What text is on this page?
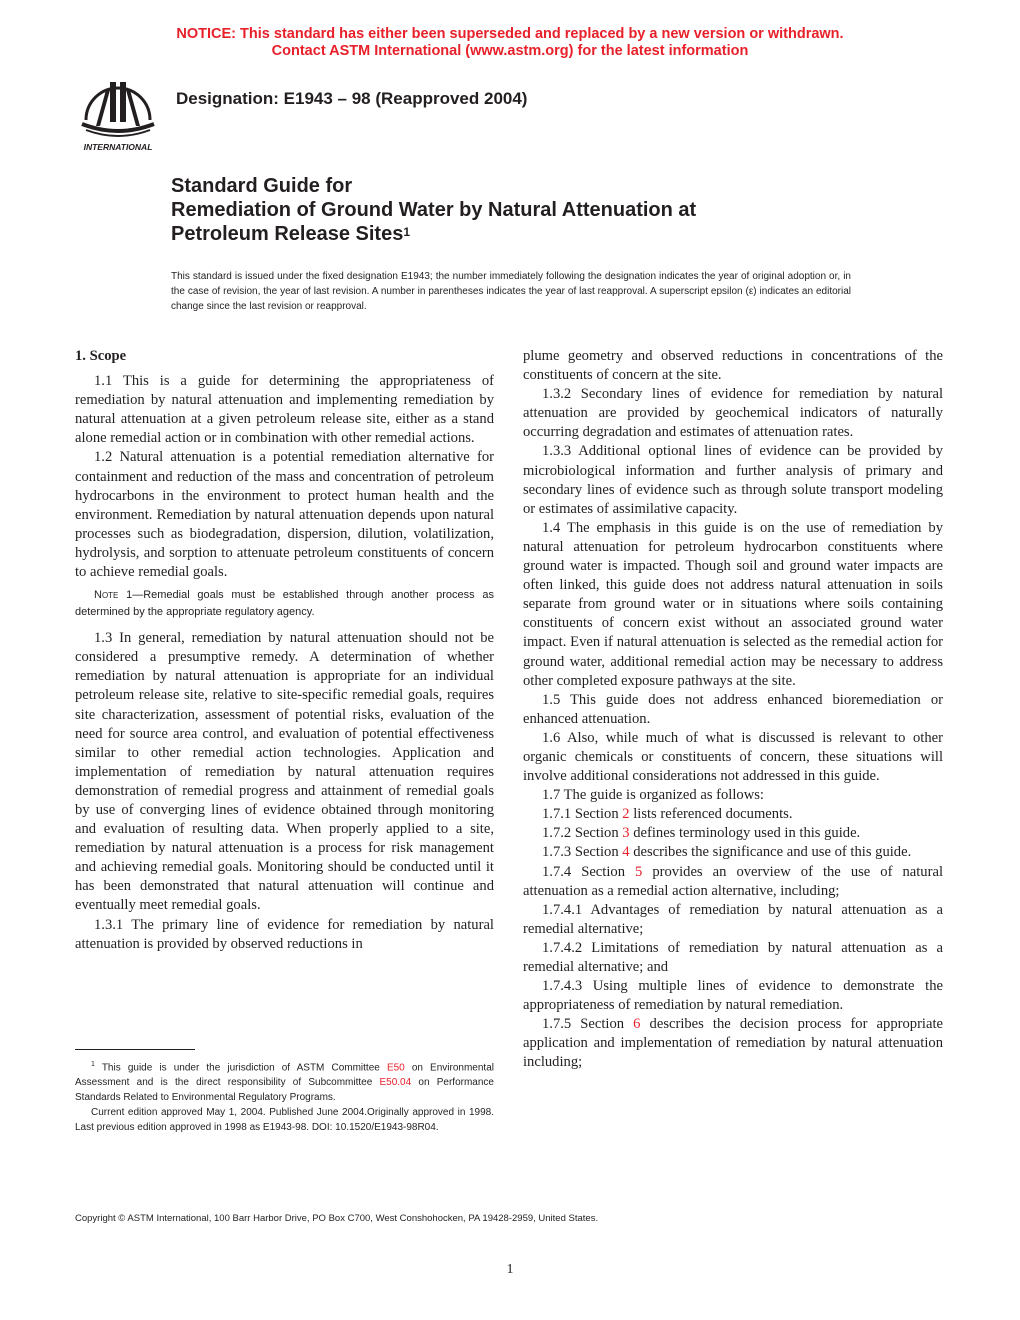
NOTICE: This standard has either been superseded and replaced by a new version or withdrawn.
Contact ASTM International (www.astm.org) for the latest information
INTERNATIONAL
Designation: E1943 – 98 (Reapproved 2004)
Standard Guide for
Remediation of Ground Water by Natural Attenuation at
Petroleum Release Sites$^1$
This standard is issued under the fixed designation E1943; the number immediately following the designation indicates the year of original adoption or, in the case of revision, the year of last revision. A number in parentheses indicates the year of last reapproval. A superscript epsilon (ε) indicates an editorial change since the last revision or reapproval.
1. Scope

1.1 This is a guide for determining the appropriateness of remediation by natural attenuation and implementing remediation by natural attenuation at a given petroleum release site, either as a stand alone remedial action or in combination with other remedial actions.

1.2 Natural attenuation is a potential remediation alternative for containment and reduction of the mass and concentration of petroleum hydrocarbons in the environment to protect human health and the environment. Remediation by natural attenuation depends upon natural processes such as biodegradation, dispersion, dilution, volatilization, hydrolysis, and sorption to attenuate petroleum constituents of concern to achieve remedial goals.

Note 1—Remedial goals must be established through another process as determined by the appropriate regulatory agency.

1.3 In general, remediation by natural attenuation should not be considered a presumptive remedy. A determination of whether remediation by natural attenuation is appropriate for an individual petroleum release site, relative to site-specific remedial goals, requires site characterization, assessment of potential risks, evaluation of the need for source area control, and evaluation of potential effectiveness similar to other remedial action technologies. Application and implementation of remediation by natural attenuation requires demonstration of remedial progress and attainment of remedial goals by use of converging lines of evidence obtained through monitoring and evaluation of resulting data. When properly applied to a site, remediation by natural attenuation is a process for risk management and achieving remedial goals. Monitoring should be conducted until it has been demonstrated that natural attenuation will continue and eventually meet remedial goals.

1.3.1 The primary line of evidence for remediation by natural attenuation is provided by observed reductions in

plume geometry and observed reductions in concentrations of the constituents of concern at the site.

1.3.2 Secondary lines of evidence for remediation by natural attenuation are provided by geochemical indicators of naturally occurring degradation and estimates of attenuation rates.

1.3.3 Additional optional lines of evidence can be provided by microbiological information and further analysis of primary and secondary lines of evidence such as through solute transport modeling or estimates of assimilative capacity.

1.4 The emphasis in this guide is on the use of remediation by natural attenuation for petroleum hydrocarbon constituents where ground water is impacted. Though soil and ground water impacts are often linked, this guide does not address natural attenuation in soils separate from ground water or in situations where soils containing constituents of concern exist without an associated ground water impact. Even if natural attenuation is selected as the remedial action for ground water, additional remedial action may be necessary to address other completed exposure pathways at the site.

1.5 This guide does not address enhanced bioremediation or enhanced attenuation.

1.6 Also, while much of what is discussed is relevant to other organic chemicals or constituents of concern, these situations will involve additional considerations not addressed in this guide.

1.7 The guide is organized as follows:

1.7.1 Section 2 lists referenced documents.

1.7.2 Section 3 defines terminology used in this guide.

1.7.3 Section 4 describes the significance and use of this guide.

1.7.4 Section 5 provides an overview of the use of natural attenuation as a remedial action alternative, including;

1.7.4.1 Advantages of remediation by natural attenuation as a remedial alternative;

1.7.4.2 Limitations of remediation by natural attenuation as a remedial alternative; and

1.7.4.3 Using multiple lines of evidence to demonstrate the appropriateness of remediation by natural remediation.

1.7.5 Section 6 describes the decision process for appropriate application and implementation of remediation by natural attenuation including;

$^1$ This guide is under the jurisdiction of ASTM Committee E50 on Environmental Assessment and is the direct responsibility of Subcommittee E50.04 on Performance Standards Related to Environmental Regulatory Programs.

Current edition approved May 1, 2004. Published June 2004.Originally approved in 1998. Last previous edition approved in 1998 as E1943-98. DOI: 10.1520/E1943-98R04.

Copyright © ASTM International, 100 Barr Harbor Drive, PO Box C700, West Conshohocken, PA 19428-2959, United States.
1
